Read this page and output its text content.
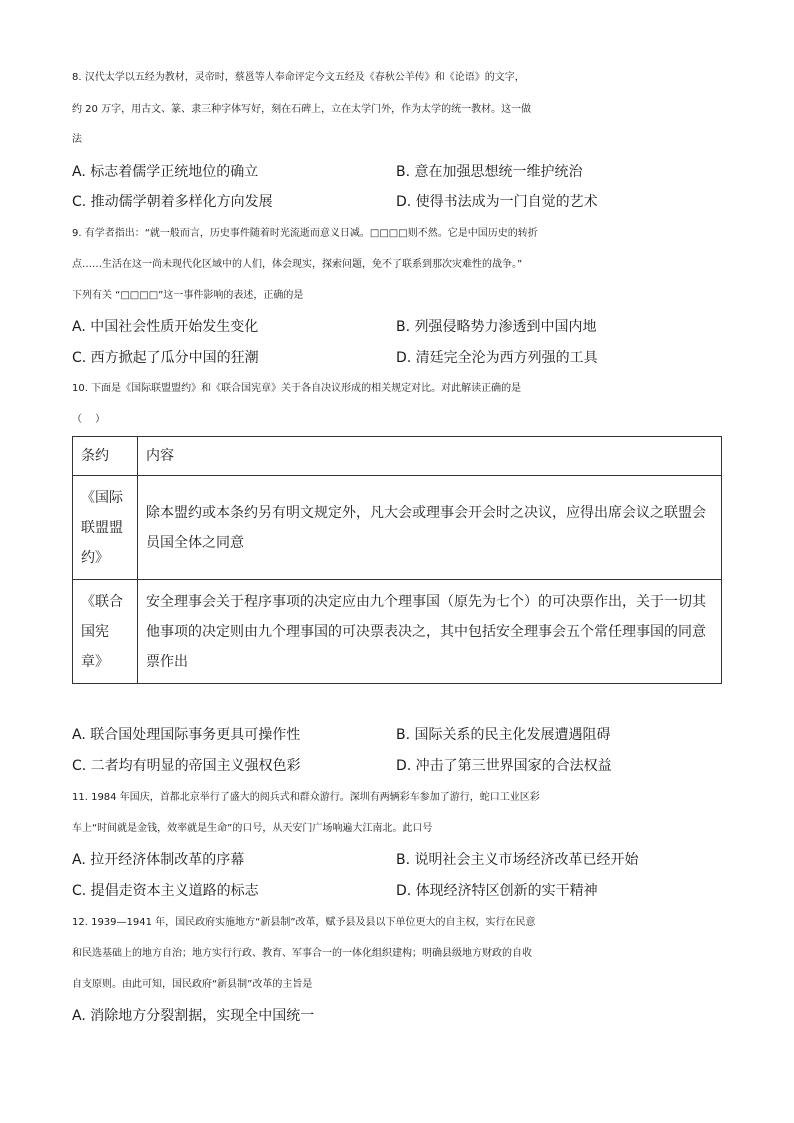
8. 汉代太学以五经为教材，灵帝时，蔡邕等人奉命评定今文五经及《春秋公羊传》和《论语》的文字，
约 20 万字，用古文、篆、隶三种字体写好，刻在石碑上，立在太学门外，作为太学的统一教材。这一做
法
A. 标志着儒学正统地位的确立	B. 意在加强思想统一维护统治
C. 推动儒学朝着多样化方向发展	D. 使得书法成为一门自觉的艺术
9. 有学者指出：“就一般而言，历史事件随着时光流逝而意义日减。□□□□则不然。它是中国历史的转折
点……生活在这一尚未现代化区域中的人们，体会现实，探索问题，免不了联系到那次灾难性的战争。”
下列有关 “□□□□”这一事件影响的表述，正确的是
A. 中国社会性质开始发生变化	B. 列强侵略势力渗透到中国内地
C. 西方掀起了瓜分中国的狂潮	D. 清廷完全沦为西方列强的工具
10. 下面是《国际联盟盟约》和《联合国宪章》关于各自决议形成的相关规定对比。对此解读正确的是
（　 ）
条约	内容
《国际联盟盟约》	除本盟约或本条约另有明文规定外，凡大会或理事会开会时之决议，应得出席会议之联盟会员国全体之同意
《联合国宪章》	安全理事会关于程序事项的决定应由九个理事国（原先为七个）的可决票作出，关于一切其他事项的决定则由九个理事国的可决票表决之，其中包括安全理事会五个常任理事国的同意票作出
A. 联合国处理国际事务更具可操作性	B. 国际关系的民主化发展遭遇阻碍
C. 二者均有明显的帝国主义强权色彩	D. 冲击了第三世界国家的合法权益
11. 1984 年国庆，首都北京举行了盛大的阅兵式和群众游行。深圳有两辆彩车参加了游行，蛇口工业区彩
车上“时间就是金钱，效率就是生命”的口号，从天安门广场响遍大江南北。此口号
A. 拉开经济体制改革的序幕	B. 说明社会主义市场经济改革已经开始
C. 提倡走资本主义道路的标志	D. 体现经济特区创新的实干精神
12. 1939—1941 年，国民政府实施地方“新县制”改革，赋予县及县以下单位更大的自主权，实行在民意
和民选基础上的地方自治；地方实行行政、教育、军事合一的一体化组织建构；明确县级地方财政的自收
自支原则。由此可知，国民政府“新县制”改革的主旨是
A. 消除地方分裂割据，实现全中国统一
